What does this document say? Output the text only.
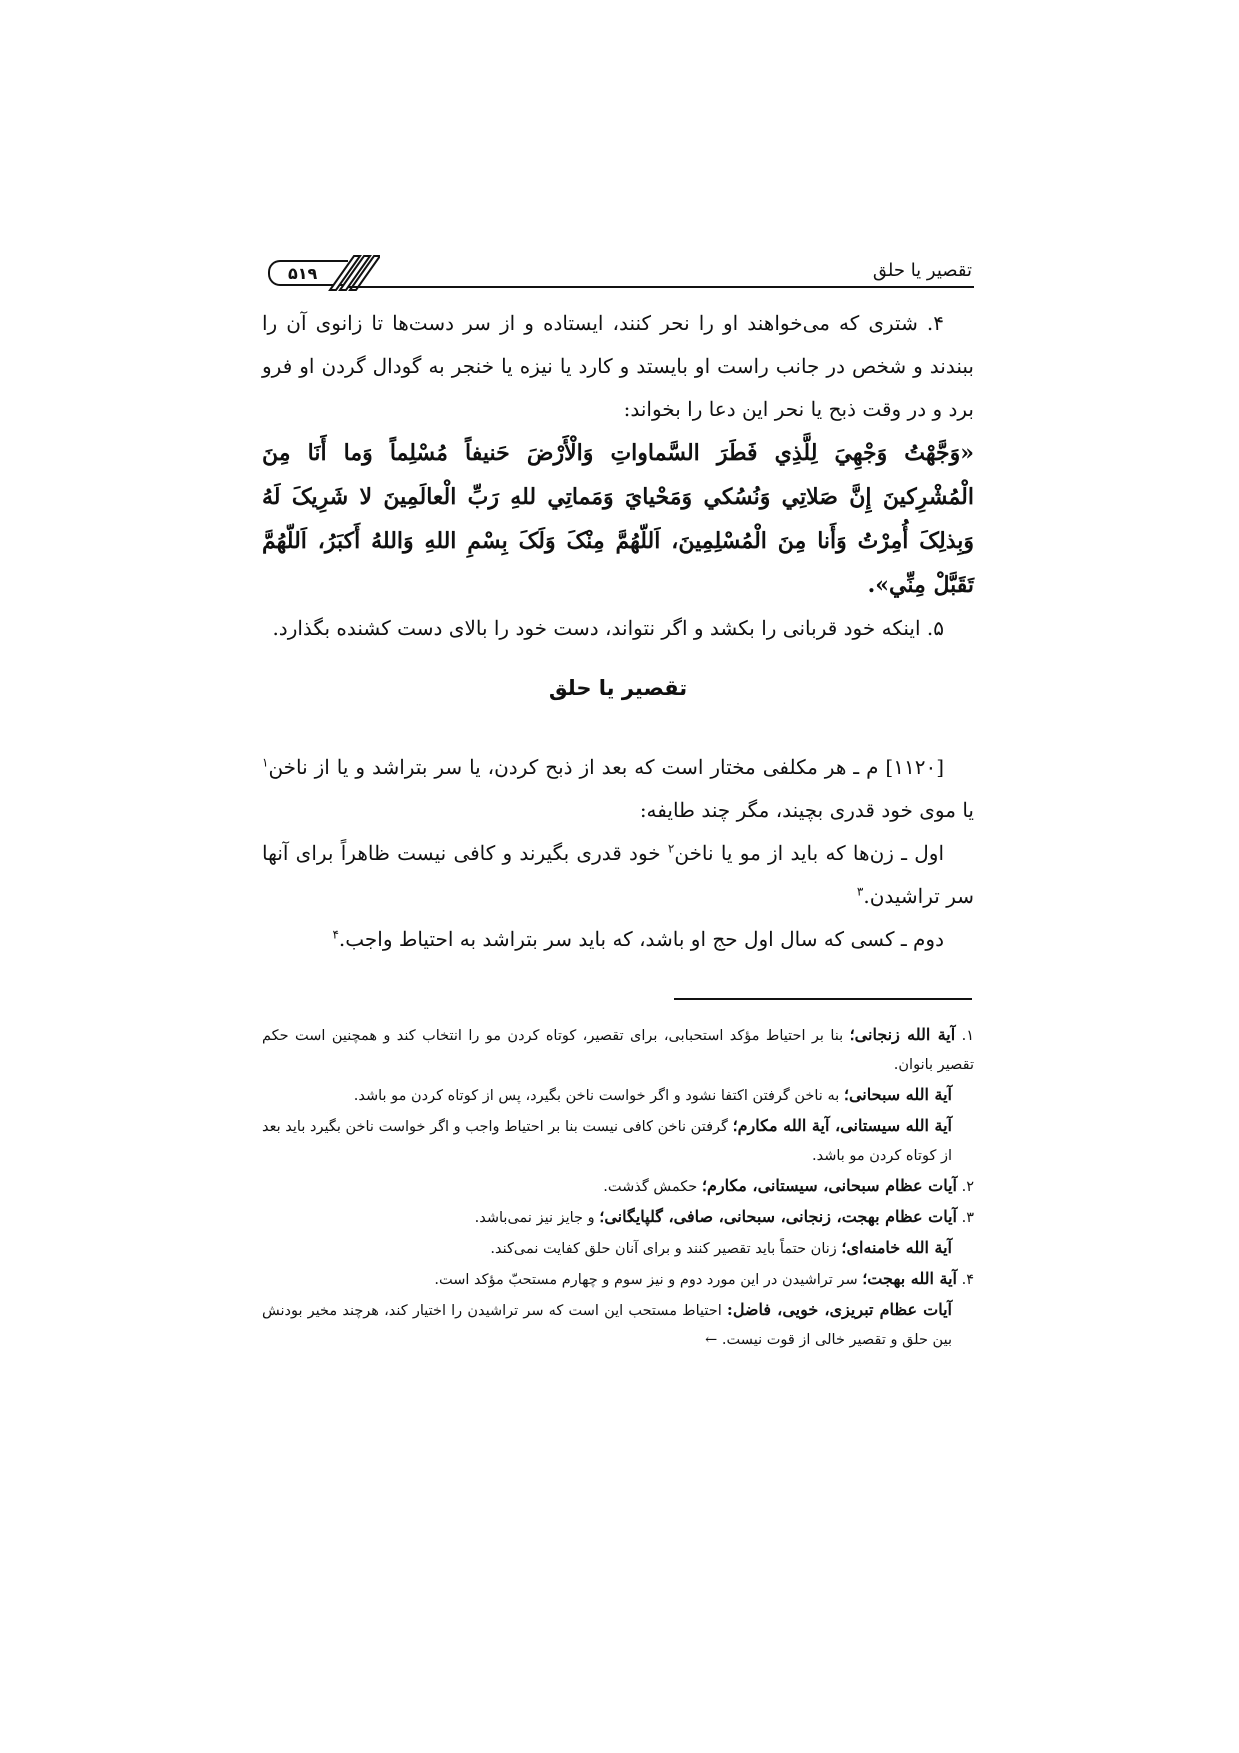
۵۱۹	تقصیر یا حلق

۴. شتری که می‌خواهند او را نحر کنند، ایستاده و از سر دست‌ها تا زانوی آن را ببندند و شخص در جانب راست او بایستد و کارد یا نیزه یا خنجر به گودال گردن او فرو برد و در وقت ذبح یا نحر این دعا را بخواند:

«وَجَّهْتُ وَجْهِيَ لِلَّذِي فَطَرَ السَّماواتِ وَالْأَرْضَ حَنيفاً مُسْلِماً وَما أَنَا مِنَ الْمُشْرِكينَ إِنَّ صَلاتِي وَنُسُكي وَمَحْيايَ وَمَماتِي للهِ رَبِّ الْعالَمِينَ لا شَرِيکَ لَهُ وَبِذلِکَ أُمِرْتُ وَأَنا مِنَ الْمُسْلِمِينَ، اَللّهُمَّ مِنْکَ وَلَکَ بِسْمِ اللهِ وَاللهُ أَکبَرُ، اَللّهُمَّ تَقَبَّلْ مِنِّي».

۵. اینکه خود قربانی را بکشد و اگر نتواند، دست خود را بالای دست کشنده بگذارد.

تقصیر یا حلق

[۱۱۲۰] م ـ هر مکلفی مختار است که بعد از ذبح کردن، یا سر بتراشد و یا از ناخن$^۱$ یا موی خود قدری بچیند، مگر چند طایفه:

اول ـ زن‌ها که باید از مو یا ناخن$^۲$ خود قدری بگیرند و کافی نیست ظاهراً برای آنها سر تراشیدن.$^۳$

دوم ـ کسی که سال اول حج او باشد، که باید سر بتراشد به احتیاط واجب.$^۴$

۱. آیة الله زنجانی؛ بنا بر احتیاط مؤکد استحبابی، برای تقصیر، کوتاه کردن مو را انتخاب کند و همچنین است حکم تقصیر بانوان.

آیة الله سبحانی؛ به ناخن گرفتن اکتفا نشود و اگر خواست ناخن بگیرد، پس از کوتاه کردن مو باشد.

آیة الله سیستانی، آیة الله مکارم؛ گرفتن ناخن کافی نیست بنا بر احتیاط واجب و اگر خواست ناخن بگیرد باید بعد از کوتاه کردن مو باشد.

۲. آیات عظام سبحانی، سیستانی، مکارم؛ حکمش گذشت.

۳. آیات عظام بهجت، زنجانی، سبحانی، صافی، گلپایگانی؛ و جایز نیز نمی‌باشد.

آیة الله خامنه‌ای؛ زنان حتماً باید تقصیر کنند و برای آنان حلق کفایت نمی‌کند.

۴. آیة الله بهجت؛ سر تراشیدن در این مورد دوم و نیز سوم و چهارم مستحبّ مؤکد است.

آیات عظام تبریزی، خویی، فاضل: احتیاط مستحب این است که سر تراشیدن را اختیار کند، هرچند مخیر بودنش بین حلق و تقصیر خالی از قوت نیست. ←
